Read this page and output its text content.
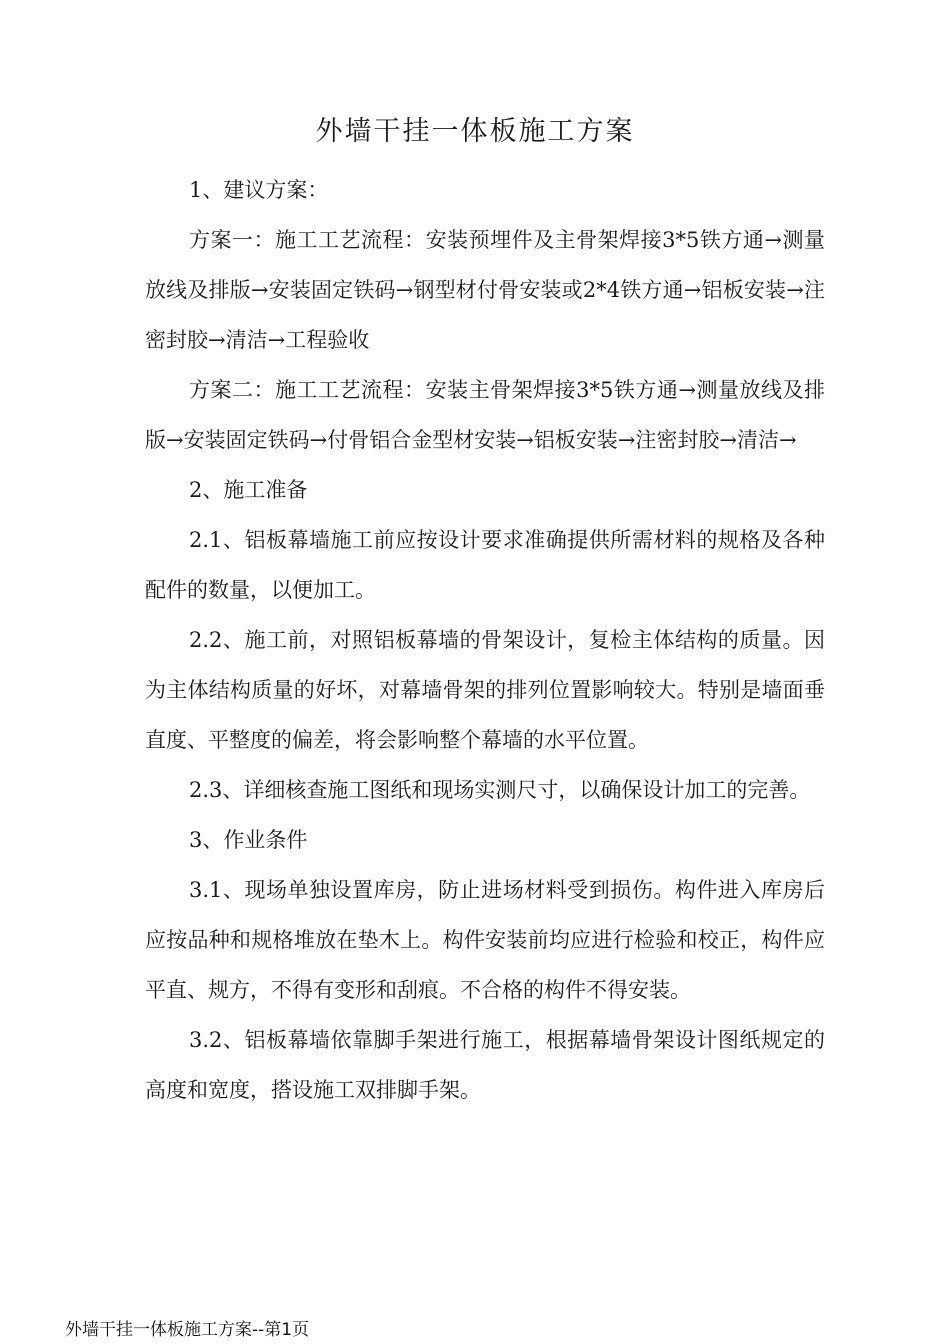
外墙干挂一体板施工方案

1、建议方案：

方案一：施工工艺流程：安装预埋件及主骨架焊接3*5铁方通→测量放线及排版→安装固定铁码→钢型材付骨安装或2*4铁方通→铝板安装→注密封胶→清洁→工程验收

方案二：施工工艺流程：安装主骨架焊接3*5铁方通→测量放线及排版→安装固定铁码→付骨铝合金型材安装→铝板安装→注密封胶→清洁→

2、施工准备

2.1、铝板幕墙施工前应按设计要求准确提供所需材料的规格及各种配件的数量，以便加工。

2.2、施工前，对照铝板幕墙的骨架设计，复检主体结构的质量。因为主体结构质量的好坏，对幕墙骨架的排列位置影响较大。特别是墙面垂直度、平整度的偏差，将会影响整个幕墙的水平位置。

2.3、详细核查施工图纸和现场实测尺寸，以确保设计加工的完善。

3、作业条件

3.1、现场单独设置库房，防止进场材料受到损伤。构件进入库房后应按品种和规格堆放在垫木上。构件安装前均应进行检验和校正，构件应平直、规方，不得有变形和刮痕。不合格的构件不得安装。

3.2、铝板幕墙依靠脚手架进行施工，根据幕墙骨架设计图纸规定的高度和宽度，搭设施工双排脚手架。

外墙干挂一体板施工方案--第1页
